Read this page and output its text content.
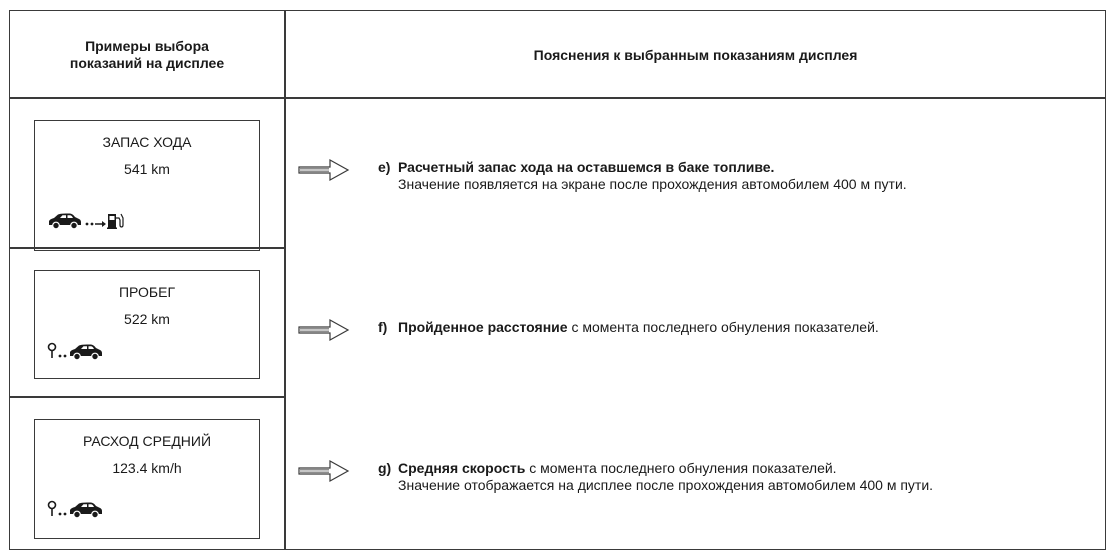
Примеры выбора
показаний на дисплее	Пояснения к выбранным показаниям дисплея
ЗАПАС ХОДА
541 km	e) Расчетный запас хода на оставшемся в баке топливе.
Значение появляется на экране после прохождения автомобилем 400 м пути.
ПРОБЕГ
522 km	f) Пройденное расстояние с момента последнего обнуления показателей.
РАСХОД СРЕДНИЙ
123.4 km/h	g) Средняя скорость с момента последнего обнуления показателей.
Значение отображается на дисплее после прохождения автомобилем 400 м пути.
